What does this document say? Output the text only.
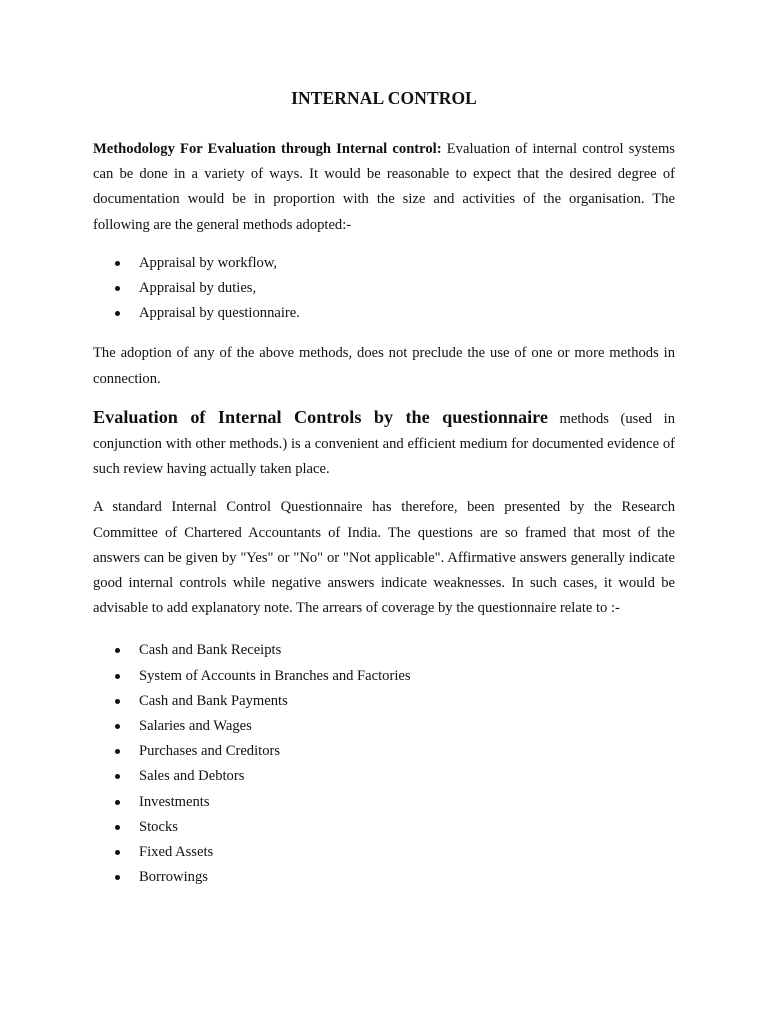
INTERNAL CONTROL

Methodology For Evaluation through Internal control: Evaluation of internal control systems can be done in a variety of ways. It would be reasonable to expect that the desired degree of documentation would be in proportion with the size and activities of the organisation. The following are the general methods adopted:-

Appraisal by workflow,
Appraisal by duties,
Appraisal by questionnaire.

The adoption of any of the above methods, does not preclude the use of one or more methods in connection.

Evaluation of Internal Controls by the questionnaire methods (used in conjunction with other methods.) is a convenient and efficient medium for documented evidence of such review having actually taken place.

A standard Internal Control Questionnaire has therefore, been presented by the Research Committee of Chartered Accountants of India. The questions are so framed that most of the answers can be given by "Yes" or "No" or "Not applicable". Affirmative answers generally indicate good internal controls while negative answers indicate weaknesses. In such cases, it would be advisable to add explanatory note. The arrears of coverage by the questionnaire relate to :-

Cash and Bank Receipts
System of Accounts in Branches and Factories
Cash and Bank Payments
Salaries and Wages
Purchases and Creditors
Sales and Debtors
Investments
Stocks
Fixed Assets
Borrowings
